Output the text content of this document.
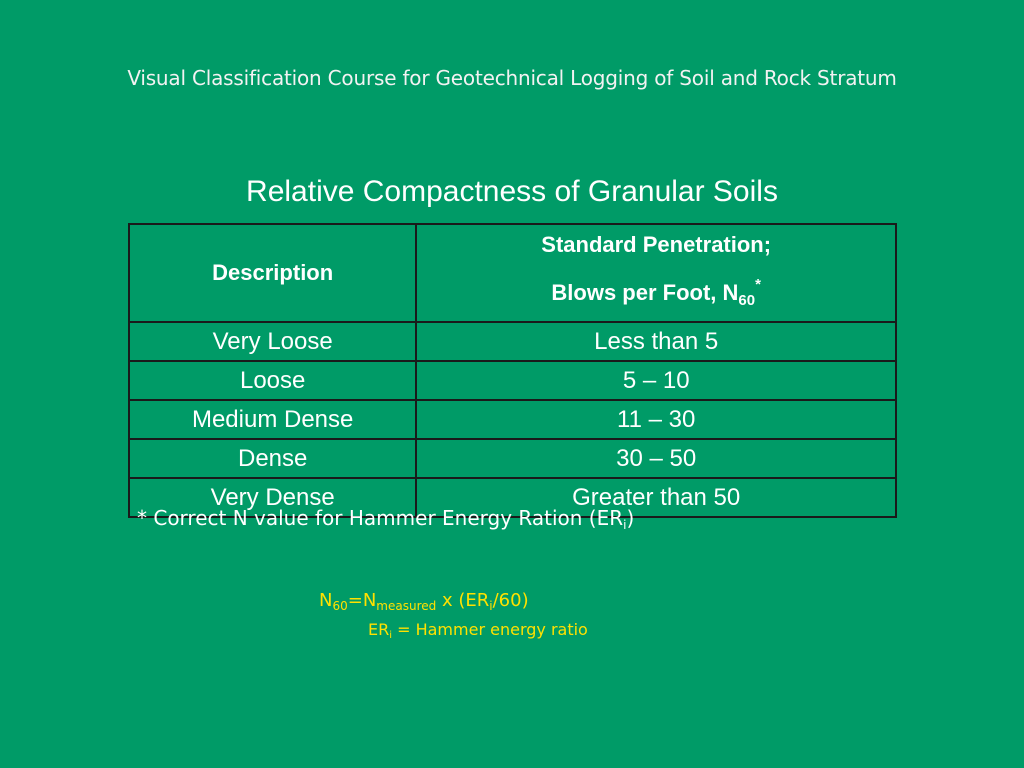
Visual Classification Course for Geotechnical Logging of Soil and Rock Stratum
Relative Compactness of Granular Soils
Description	Standard Penetration;
Blows per Foot, $N_{60}^*$

Very Loose	Less than 5
Loose	5 – 10
Medium Dense	11 – 30
Dense	30 – 50
Very Dense	Greater than 50
* Correct N value for Hammer Energy Ration $(ER_i)$
$N_{60}=N_{measured}$ x $(ER_i/60)$
$ER_i$ = Hammer energy ratio
